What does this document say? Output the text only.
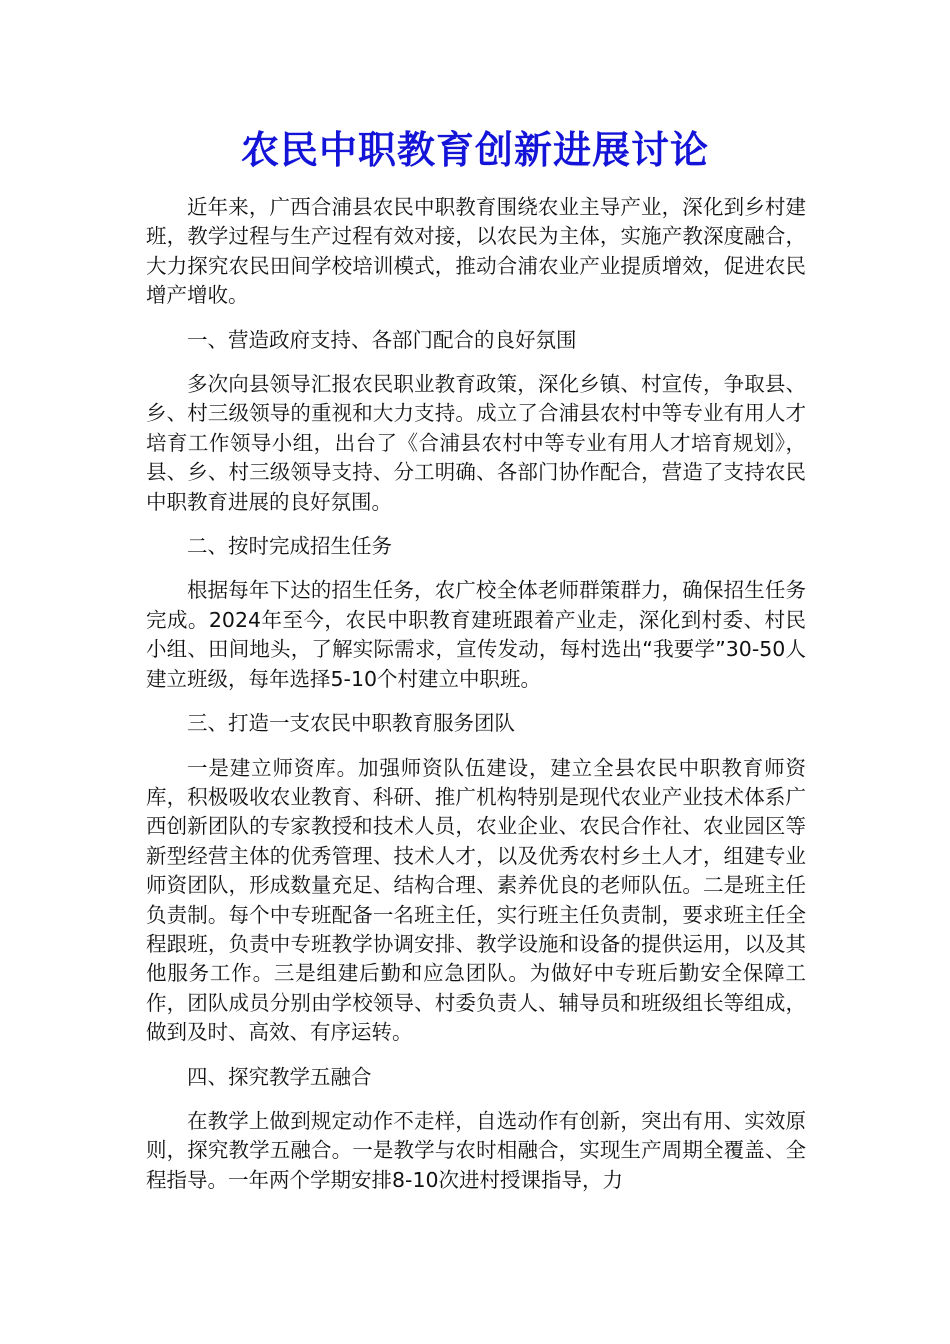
农民中职教育创新进展讨论

近年来，广西合浦县农民中职教育围绕农业主导产业，深化到乡村建班，教学过程与生产过程有效对接，以农民为主体，实施产教深度融合，大力探究农民田间学校培训模式，推动合浦农业产业提质增效，促进农民增产增收。

一、营造政府支持、各部门配合的良好氛围

多次向县领导汇报农民职业教育政策，深化乡镇、村宣传，争取县、乡、村三级领导的重视和大力支持。成立了合浦县农村中等专业有用人才培育工作领导小组，出台了《合浦县农村中等专业有用人才培育规划》，县、乡、村三级领导支持、分工明确、各部门协作配合，营造了支持农民中职教育进展的良好氛围。

二、按时完成招生任务

根据每年下达的招生任务，农广校全体老师群策群力，确保招生任务完成。2024年至今，农民中职教育建班跟着产业走，深化到村委、村民小组、田间地头，了解实际需求，宣传发动，每村选出“我要学”30-50人建立班级，每年选择5-10个村建立中职班。

三、打造一支农民中职教育服务团队

一是建立师资库。加强师资队伍建设，建立全县农民中职教育师资库，积极吸收农业教育、科研、推广机构特别是现代农业产业技术体系广西创新团队的专家教授和技术人员，农业企业、农民合作社、农业园区等新型经营主体的优秀管理、技术人才，以及优秀农村乡土人才，组建专业师资团队，形成数量充足、结构合理、素养优良的老师队伍。二是班主任负责制。每个中专班配备一名班主任，实行班主任负责制，要求班主任全程跟班，负责中专班教学协调安排、教学设施和设备的提供运用，以及其他服务工作。三是组建后勤和应急团队。为做好中专班后勤安全保障工作，团队成员分别由学校领导、村委负责人、辅导员和班级组长等组成，做到及时、高效、有序运转。

四、探究教学五融合

在教学上做到规定动作不走样，自选动作有创新，突出有用、实效原则，探究教学五融合。一是教学与农时相融合，实现生产周期全覆盖、全程指导。一年两个学期安排8-10次进村授课指导，力
